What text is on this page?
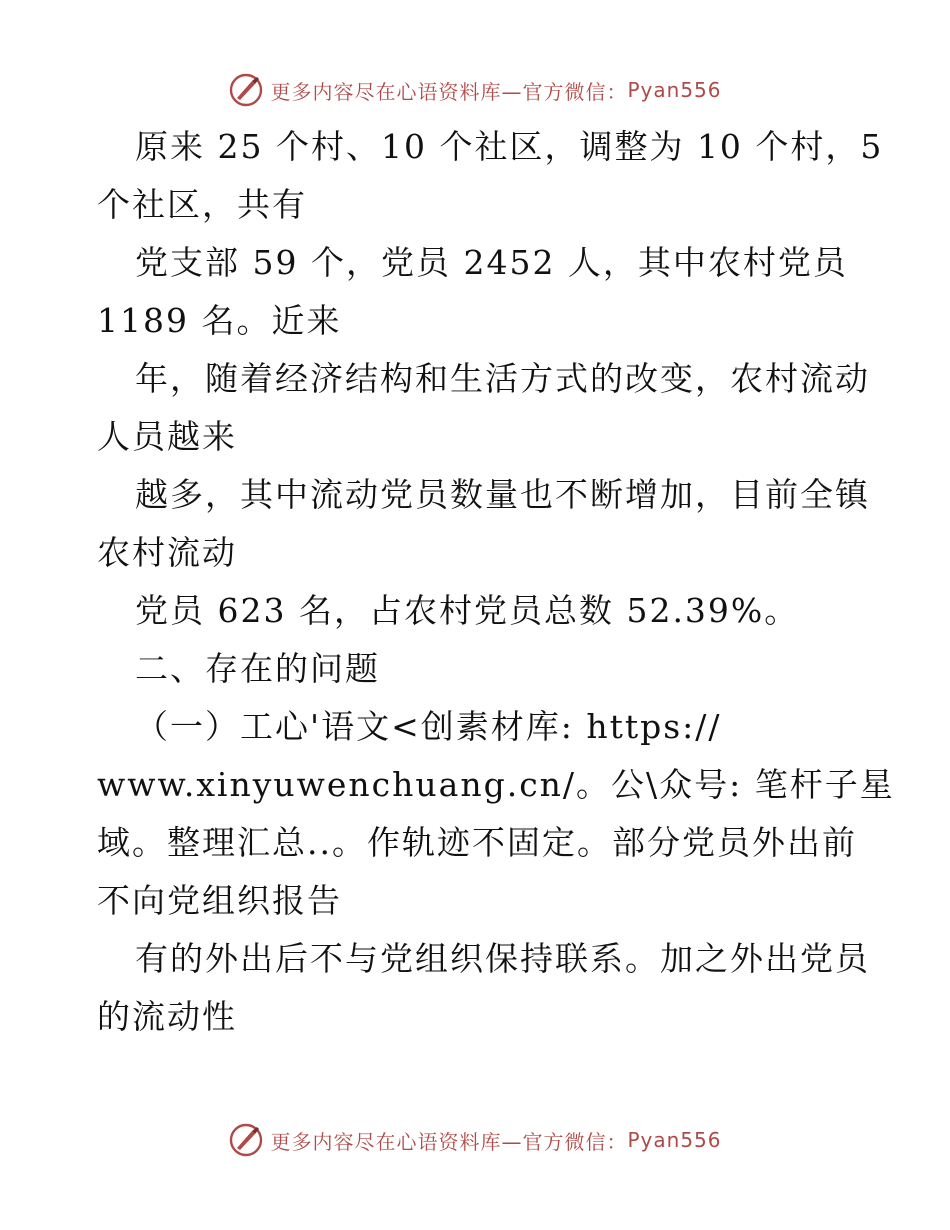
更多内容尽在心语资料库—官方微信： Pyan556
原来 25 个村、10 个社区，调整为 10 个村，5
个社区，共有
党支部 59 个，党员 2452 人，其中农村党员
1189 名。近来
年，随着经济结构和生活方式的改变，农村流动
人员越来
越多，其中流动党员数量也不断增加，目前全镇
农村流动
党员 623 名，占农村党员总数 52.39%。
二、存在的问题
（一）工心'语文<创素材库: https://
www.xinyuwenchuang.cn/。公\众号: 笔杆子星
域。整理汇总..。作轨迹不固定。部分党员外出前
不向党组织报告
有的外出后不与党组织保持联系。加之外出党员
的流动性
更多内容尽在心语资料库—官方微信： Pyan556
